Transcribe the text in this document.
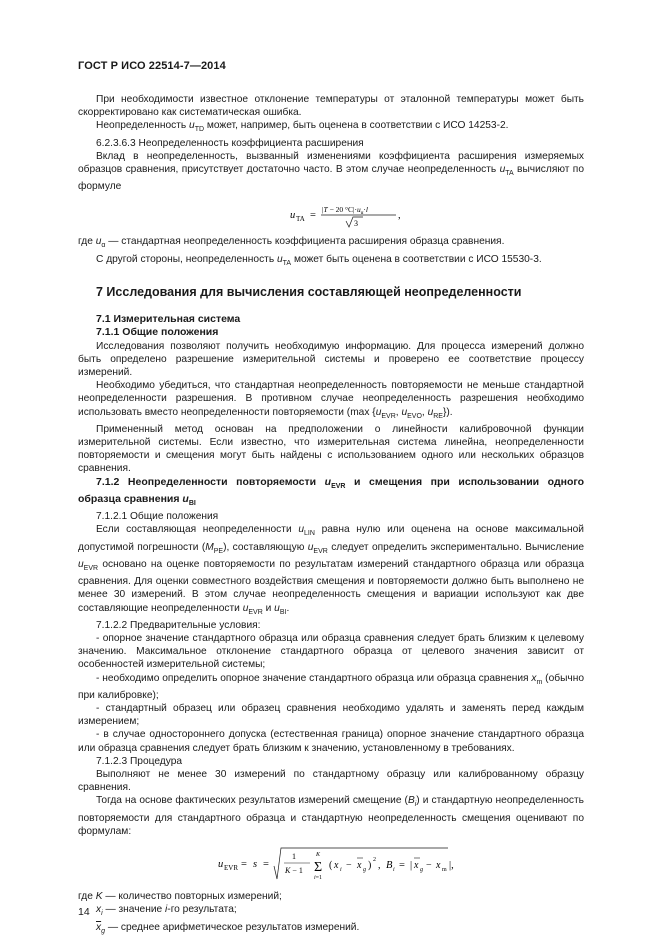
ГОСТ Р ИСО 22514-7—2014

При необходимости известное отклонение температуры от эталонной температуры может быть скорректировано как систематическая ошибка.

Неопределенность $u_{TD}$ может, например, быть оценена в соответствии с ИСО 14253-2.

6.2.3.6.3 Неопределенность коэффициента расширения

Вклад в неопределенность, вызванный изменениями коэффициента расширения измеряемых образцов сравнения, присутствует достаточно часто. В этом случае неопределенность $u_{TA}$ вычисляют по формуле

u TA =
|T − 20 $^\circ C|\cdot u_\alpha\cdot l$
3
,

где $u_\alpha$ — стандартная неопределенность коэффициента расширения образца сравнения.

С другой стороны, неопределенность $u_{TA}$ может быть оценена в соответствии с ИСО 15530-3.

7 Исследования для вычисления составляющей неопределенности
7.1 Измерительная система
7.1.1 Общие положения

Исследования позволяют получить необходимую информацию. Для процесса измерений должно быть определено разрешение измерительной системы и проверено ее соответствие процессу измерений.

Необходимо убедиться, что стандартная неопределенность повторяемости не меньше стандартной неопределенности разрешения. В противном случае неопределенность разрешения необходимо использовать вместо неопределенности повторяемости (max {$u_{EVR}$, $u_{EVO}$, $u_{RE}$}).

Примененный метод основан на предположении о линейности калибровочной функции измерительной системы. Если известно, что измерительная система линейна, неопределенности повторяемости и смещения могут быть найдены с использованием одного или нескольких образцов сравнения.

7.1.2 Неопределенности повторяемости $u_{EVR}$ и смещения при использовании одного образца сравнения $u_{BI}$

7.1.2.1 Общие положения

Если составляющая неопределенности $u_{LIN}$ равна нулю или оценена на основе максимальной допустимой погрешности $(M_{PE})$, составляющую $u_{EVR}$ следует определить экспериментально. Вычисление $u_{EVR}$ основано на оценке повторяемости по результатам измерений стандартного образца или образца сравнения. Для оценки совместного воздействия смещения и повторяемости должно быть выполнено не менее 30 измерений. В этом случае неопределенность смещения и вариации используют как две составляющие неопределенности $u_{EVR}$ и $u_{BI}$.

7.1.2.2 Предварительные условия:

- опорное значение стандартного образца или образца сравнения следует брать близким к целевому значению. Максимальное отклонение стандартного образца от целевого значения зависит от особенностей измерительной системы;

- необходимо определить опорное значение стандартного образца или образца сравнения $x_m$ (обычно при калибровке);

- стандартный образец или образец сравнения необходимо удалять и заменять перед каждым измерением;

- в случае одностороннего допуска (естественная граница) опорное значение стандартного образца или образца сравнения следует брать близким к значению, установленному в требованиях.

7.1.2.3 Процедура

Выполняют не менее 30 измерений по стандартному образцу или калиброванному образцу сравнения.

Тогда на основе фактических результатов измерений смещение $(B_i)$ и стандартную неопределенность повторяемости для стандартного образца и стандартную неопределенность смещения оценивают по формулам:

u EVR = s =
1
K − 1
K
Σ
i=1
( x i − x g ) 2 , B i = | x g − x m |,

где K — количество повторных измерений;

$x_i$ — значение i-го результата;

$\overline{x}_g$ — среднее арифметическое результатов измерений.

14
